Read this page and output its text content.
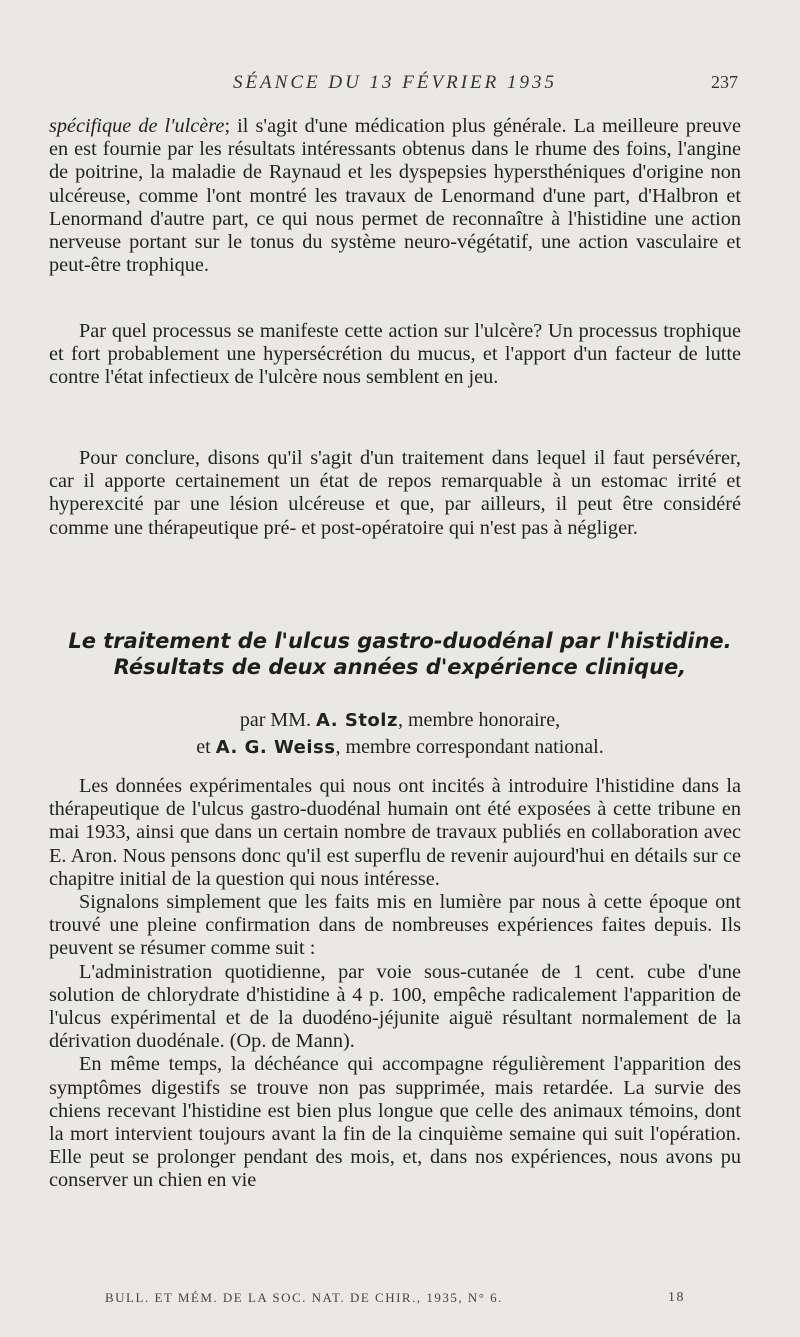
SÉANCE DU 13 FÉVRIER 1935	237

spécifique de l'ulcère; il s'agit d'une médication plus générale. La meilleure preuve en est fournie par les résultats intéressants obtenus dans le rhume des foins, l'angine de poitrine, la maladie de Raynaud et les dyspepsies hypersthéniques d'origine non ulcéreuse, comme l'ont montré les travaux de Lenormand d'une part, d'Halbron et Lenormand d'autre part, ce qui nous permet de reconnaître à l'histidine une action nerveuse portant sur le tonus du système neuro-végétatif, une action vasculaire et peut-être trophique.

Par quel processus se manifeste cette action sur l'ulcère? Un processus trophique et fort probablement une hypersécrétion du mucus, et l'apport d'un facteur de lutte contre l'état infectieux de l'ulcère nous semblent en jeu.

Pour conclure, disons qu'il s'agit d'un traitement dans lequel il faut persévérer, car il apporte certainement un état de repos remarquable à un estomac irrité et hyperexcité par une lésion ulcéreuse et que, par ailleurs, il peut être considéré comme une thérapeutique pré- et post-opératoire qui n'est pas à négliger.

Le traitement de l'ulcus gastro-duodénal par l'histidine.
Résultats de deux années d'expérience clinique,
par MM. A. Stolz, membre honoraire,
et A. G. Weiss, membre correspondant national.

Les données expérimentales qui nous ont incités à introduire l'histidine dans la thérapeutique de l'ulcus gastro-duodénal humain ont été exposées à cette tribune en mai 1933, ainsi que dans un certain nombre de travaux publiés en collaboration avec E. Aron. Nous pensons donc qu'il est superflu de revenir aujourd'hui en détails sur ce chapitre initial de la question qui nous intéresse.

Signalons simplement que les faits mis en lumière par nous à cette époque ont trouvé une pleine confirmation dans de nombreuses expériences faites depuis. Ils peuvent se résumer comme suit :

L'administration quotidienne, par voie sous-cutanée de 1 cent. cube d'une solution de chlorydrate d'histidine à 4 p. 100, empêche radicalement l'apparition de l'ulcus expérimental et de la duodéno-jéjunite aiguë résultant normalement de la dérivation duodénale. (Op. de Mann).

En même temps, la déchéance qui accompagne régulièrement l'apparition des symptômes digestifs se trouve non pas supprimée, mais retardée. La survie des chiens recevant l'histidine est bien plus longue que celle des animaux témoins, dont la mort intervient toujours avant la fin de la cinquième semaine qui suit l'opération. Elle peut se prolonger pendant des mois, et, dans nos expériences, nous avons pu conserver un chien en vie

BULL. ET MÉM. DE LA SOC. NAT. DE CHIR., 1935, N° 6.	18
